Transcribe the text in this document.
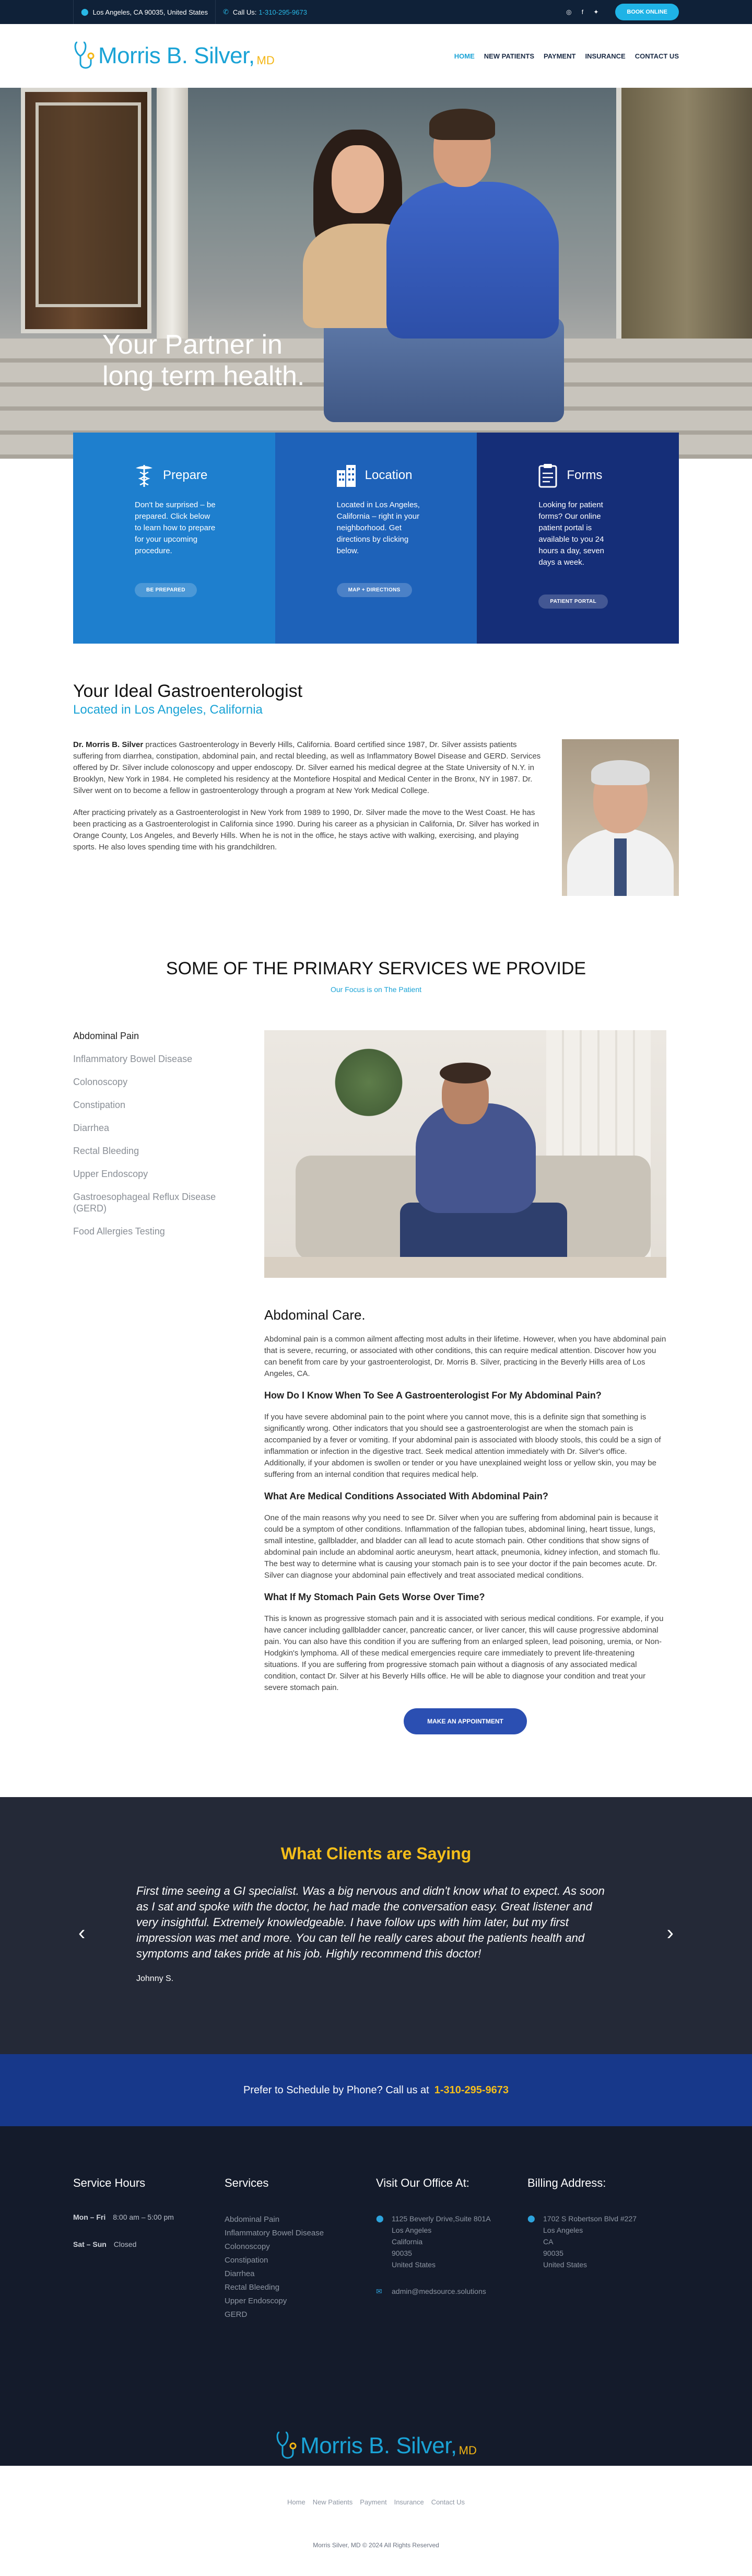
⬤ Los Angeles, CA 90035, United States ✆ Call Us: 1-310-295-9673	◎	f	✦	BOOK ONLINE
Morris B. Silver, MD	HOME NEW PATIENTS PAYMENT INSURANCE CONTACT US
Your Partner in
long term health.
Prepare

Don't be surprised – be prepared. Click below to learn how to prepare for your upcoming procedure.

BE PREPARED
Location

Located in Los Angeles, California – right in your neighborhood. Get directions by clicking below.

MAP + DIRECTIONS
Forms

Looking for patient forms? Our online patient portal is available to you 24 hours a day, seven days a week.

PATIENT PORTAL
Your Ideal Gastroenterologist
Located in Los Angeles, California

Dr. Morris B. Silver practices Gastroenterology in Beverly Hills, California. Board certified since 1987, Dr. Silver assists patients suffering from diarrhea, constipation, abdominal pain, and rectal bleeding, as well as Inflammatory Bowel Disease and GERD. Services offered by Dr. Silver include colonoscopy and upper endoscopy. Dr. Silver earned his medical degree at the State University of N.Y. in Brooklyn, New York in 1984. He completed his residency at the Montefiore Hospital and Medical Center in the Bronx, NY in 1987. Dr. Silver went on to become a fellow in gastroenterology through a program at New York Medical College.

After practicing privately as a Gastroenterologist in New York from 1989 to 1990, Dr. Silver made the move to the West Coast. He has been practicing as a Gastroenterologist in California since 1990. During his career as a physician in California, Dr. Silver has worked in Orange County, Los Angeles, and Beverly Hills. When he is not in the office, he stays active with walking, exercising, and playing sports. He also loves spending time with his grandchildren.

SOME OF THE PRIMARY SERVICES WE PROVIDE
Our Focus is on The Patient
Abdominal Pain
Inflammatory Bowel Disease
Colonoscopy
Constipation
Diarrhea
Rectal Bleeding
Upper Endoscopy
Gastroesophageal Reflux Disease (GERD)
Food Allergies Testing
Abdominal Care.

Abdominal pain is a common ailment affecting most adults in their lifetime. However, when you have abdominal pain that is severe, recurring, or associated with other conditions, this can require medical attention. Discover how you can benefit from care by your gastroenterologist, Dr. Morris B. Silver, practicing in the Beverly Hills area of Los Angeles, CA.

How Do I Know When To See A Gastroenterologist For My Abdominal Pain?

If you have severe abdominal pain to the point where you cannot move, this is a definite sign that something is significantly wrong. Other indicators that you should see a gastroenterologist are when the stomach pain is accompanied by a fever or vomiting. If your abdominal pain is associated with bloody stools, this could be a sign of inflammation or infection in the digestive tract. Seek medical attention immediately with Dr. Silver's office. Additionally, if your abdomen is swollen or tender or you have unexplained weight loss or yellow skin, you may be suffering from an internal condition that requires medical help.

What Are Medical Conditions Associated With Abdominal Pain?

One of the main reasons why you need to see Dr. Silver when you are suffering from abdominal pain is because it could be a symptom of other conditions. Inflammation of the fallopian tubes, abdominal lining, heart tissue, lungs, small intestine, gallbladder, and bladder can all lead to acute stomach pain. Other conditions that show signs of abdominal pain include an abdominal aortic aneurysm, heart attack, pneumonia, kidney infection, and stomach flu. The best way to determine what is causing your stomach pain is to see your doctor if the pain becomes acute. Dr. Silver can diagnose your abdominal pain effectively and treat associated medical conditions.

What If My Stomach Pain Gets Worse Over Time?

This is known as progressive stomach pain and it is associated with serious medical conditions. For example, if you have cancer including gallbladder cancer, pancreatic cancer, or liver cancer, this will cause progressive abdominal pain. You can also have this condition if you are suffering from an enlarged spleen, lead poisoning, uremia, or Non-Hodgkin's lymphoma. All of these medical emergencies require care immediately to prevent life-threatening situations. If you are suffering from progressive stomach pain without a diagnosis of any associated medical condition, contact Dr. Silver at his Beverly Hills office. He will be able to diagnose your condition and treat your severe stomach pain.

MAKE AN APPOINTMENT
What Clients are Saying
‹	›

First time seeing a GI specialist. Was a big nervous and didn't know what to expect. As soon as I sat and spoke with the doctor, he had made the conversation easy. Great listener and very insightful. Extremely knowledgeable. I have follow ups with him later, but my first impression was met and more. You can tell he really cares about the patients health and symptoms and takes pride at his job. Highly recommend this doctor!

Johnny S.

Prefer to Schedule by Phone? Call us at 1-310-295-9673
Service Hours
Mon – Fri 8:00 am – 5:00 pm
Sat – Sun Closed
Services
Abdominal Pain
Inflammatory Bowel Disease
Colonoscopy
Constipation
Diarrhea
Rectal Bleeding
Upper Endoscopy
GERD
Visit Our Office At:
⬤ 1125 Beverly Drive,Suite 801A
Los Angeles
California
90035
United States
✉ admin@medsource.solutions
Billing Address:
⬤ 1702 S Robertson Blvd #227
Los Angeles
CA
90035
United States
Morris B. Silver, MD
Home New Patients Payment Insurance Contact Us
Morris Silver, MD © 2024 All Rights Reserved
